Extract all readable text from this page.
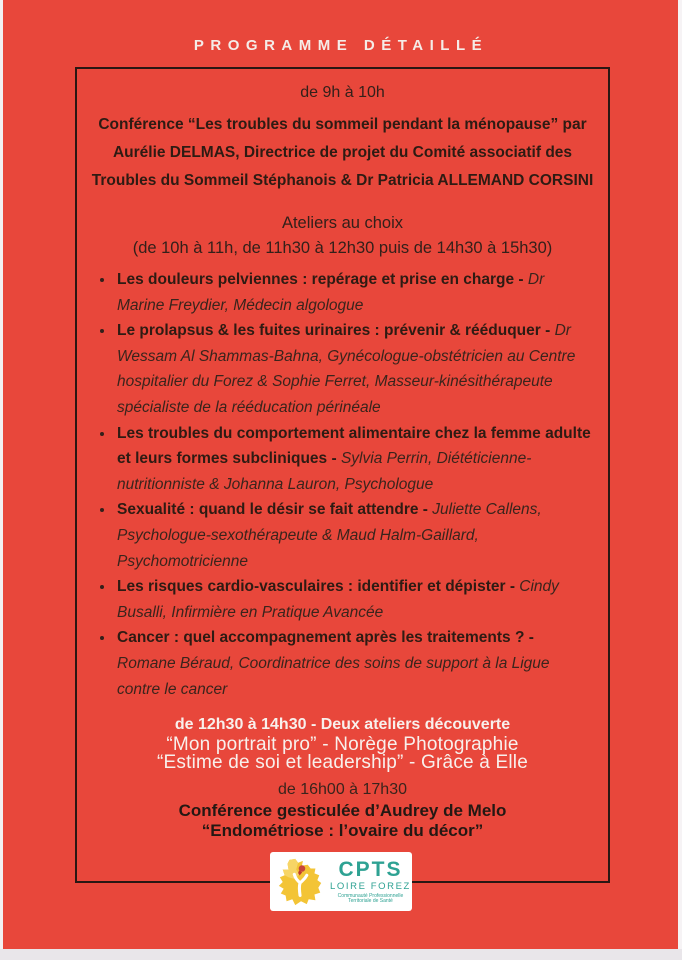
PROGRAMME DÉTAILLÉ
de 9h à 10h
Conférence “Les troubles du sommeil pendant la ménopause” par Aurélie DELMAS, Directrice de projet du Comité associatif des Troubles du Sommeil Stéphanois & Dr Patricia ALLEMAND CORSINI
Ateliers au choix
(de 10h à 11h, de 11h30 à 12h30 puis de 14h30 à 15h30)
• Les douleurs pelviennes : repérage et prise en charge - Dr Marine Freydier, Médecin algologue
• Le prolapsus & les fuites urinaires : prévenir & rééduquer - Dr Wessam Al Shammas-Bahna, Gynécologue-obstétricien au Centre hospitalier du Forez & Sophie Ferret, Masseur-kinésithérapeute spécialiste de la rééducation périnéale
• Les troubles du comportement alimentaire chez la femme adulte et leurs formes subcliniques - Sylvia Perrin, Diététicienne-nutritionniste & Johanna Lauron, Psychologue
• Sexualité : quand le désir se fait attendre - Juliette Callens, Psychologue-sexothérapeute & Maud Halm-Gaillard, Psychomotricienne
• Les risques cardio-vasculaires : identifier et dépister - Cindy Busalli, Infirmière en Pratique Avancée
• Cancer : quel accompagnement après les traitements ? - Romane Béraud, Coordinatrice des soins de support à la Ligue contre le cancer
de 12h30 à 14h30 - Deux ateliers découverte
“Mon portrait pro” - Norège Photographie
“Estime de soi et leadership” - Grâce à Elle
de 16h00 à 17h30
Conférence gesticulée d’Audrey de Melo
“Endométriose : l’ovaire du décor”
CPTS
LOIRE FOREZ
Communauté Professionnelle
Territoriale de Santé
